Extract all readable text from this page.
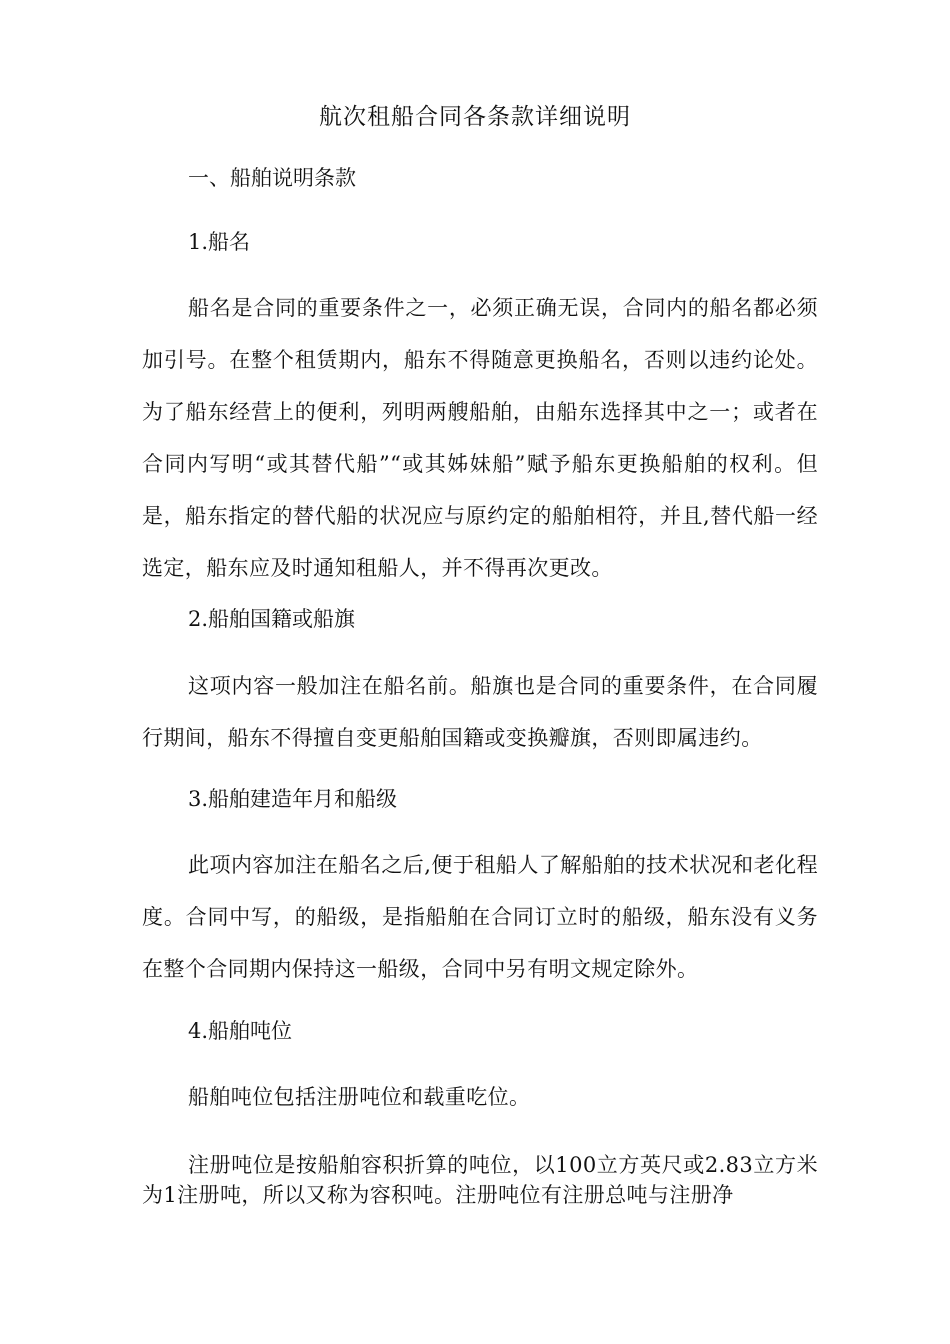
航次租船合同各条款详细说明
一、船舶说明条款
1.船名
船名是合同的重要条件之一，必须正确无误，合同内的船名都必须加引号。在整个租赁期内，船东不得随意更换船名，否则以违约论处。为了船东经营上的便利，列明两艘船舶，由船东选择其中之一；或者在合同内写明“或其替代船”“或其姊妹船”赋予船东更换船舶的权利。但是，船东指定的替代船的状况应与原约定的船舶相符，并且,替代船一经选定，船东应及时通知租船人，并不得再次更改。
2.船舶国籍或船旗
这项内容一般加注在船名前。船旗也是合同的重要条件，在合同履行期间，船东不得擅自变更船舶国籍或变换瓣旗，否则即属违约。
3.船舶建造年月和船级
此项内容加注在船名之后,便于租船人了解船舶的技术状况和老化程度。合同中写，的船级，是指船舶在合同订立时的船级，船东没有义务在整个合同期内保持这一船级，合同中另有明文规定除外。
4.船舶吨位
船舶吨位包括注册吨位和载重吃位。
注册吨位是按船舶容积折算的吨位，以100立方英尺或2.83立方米为1注册吨，所以又称为容积吨。注册吨位有注册总吨与注册净
